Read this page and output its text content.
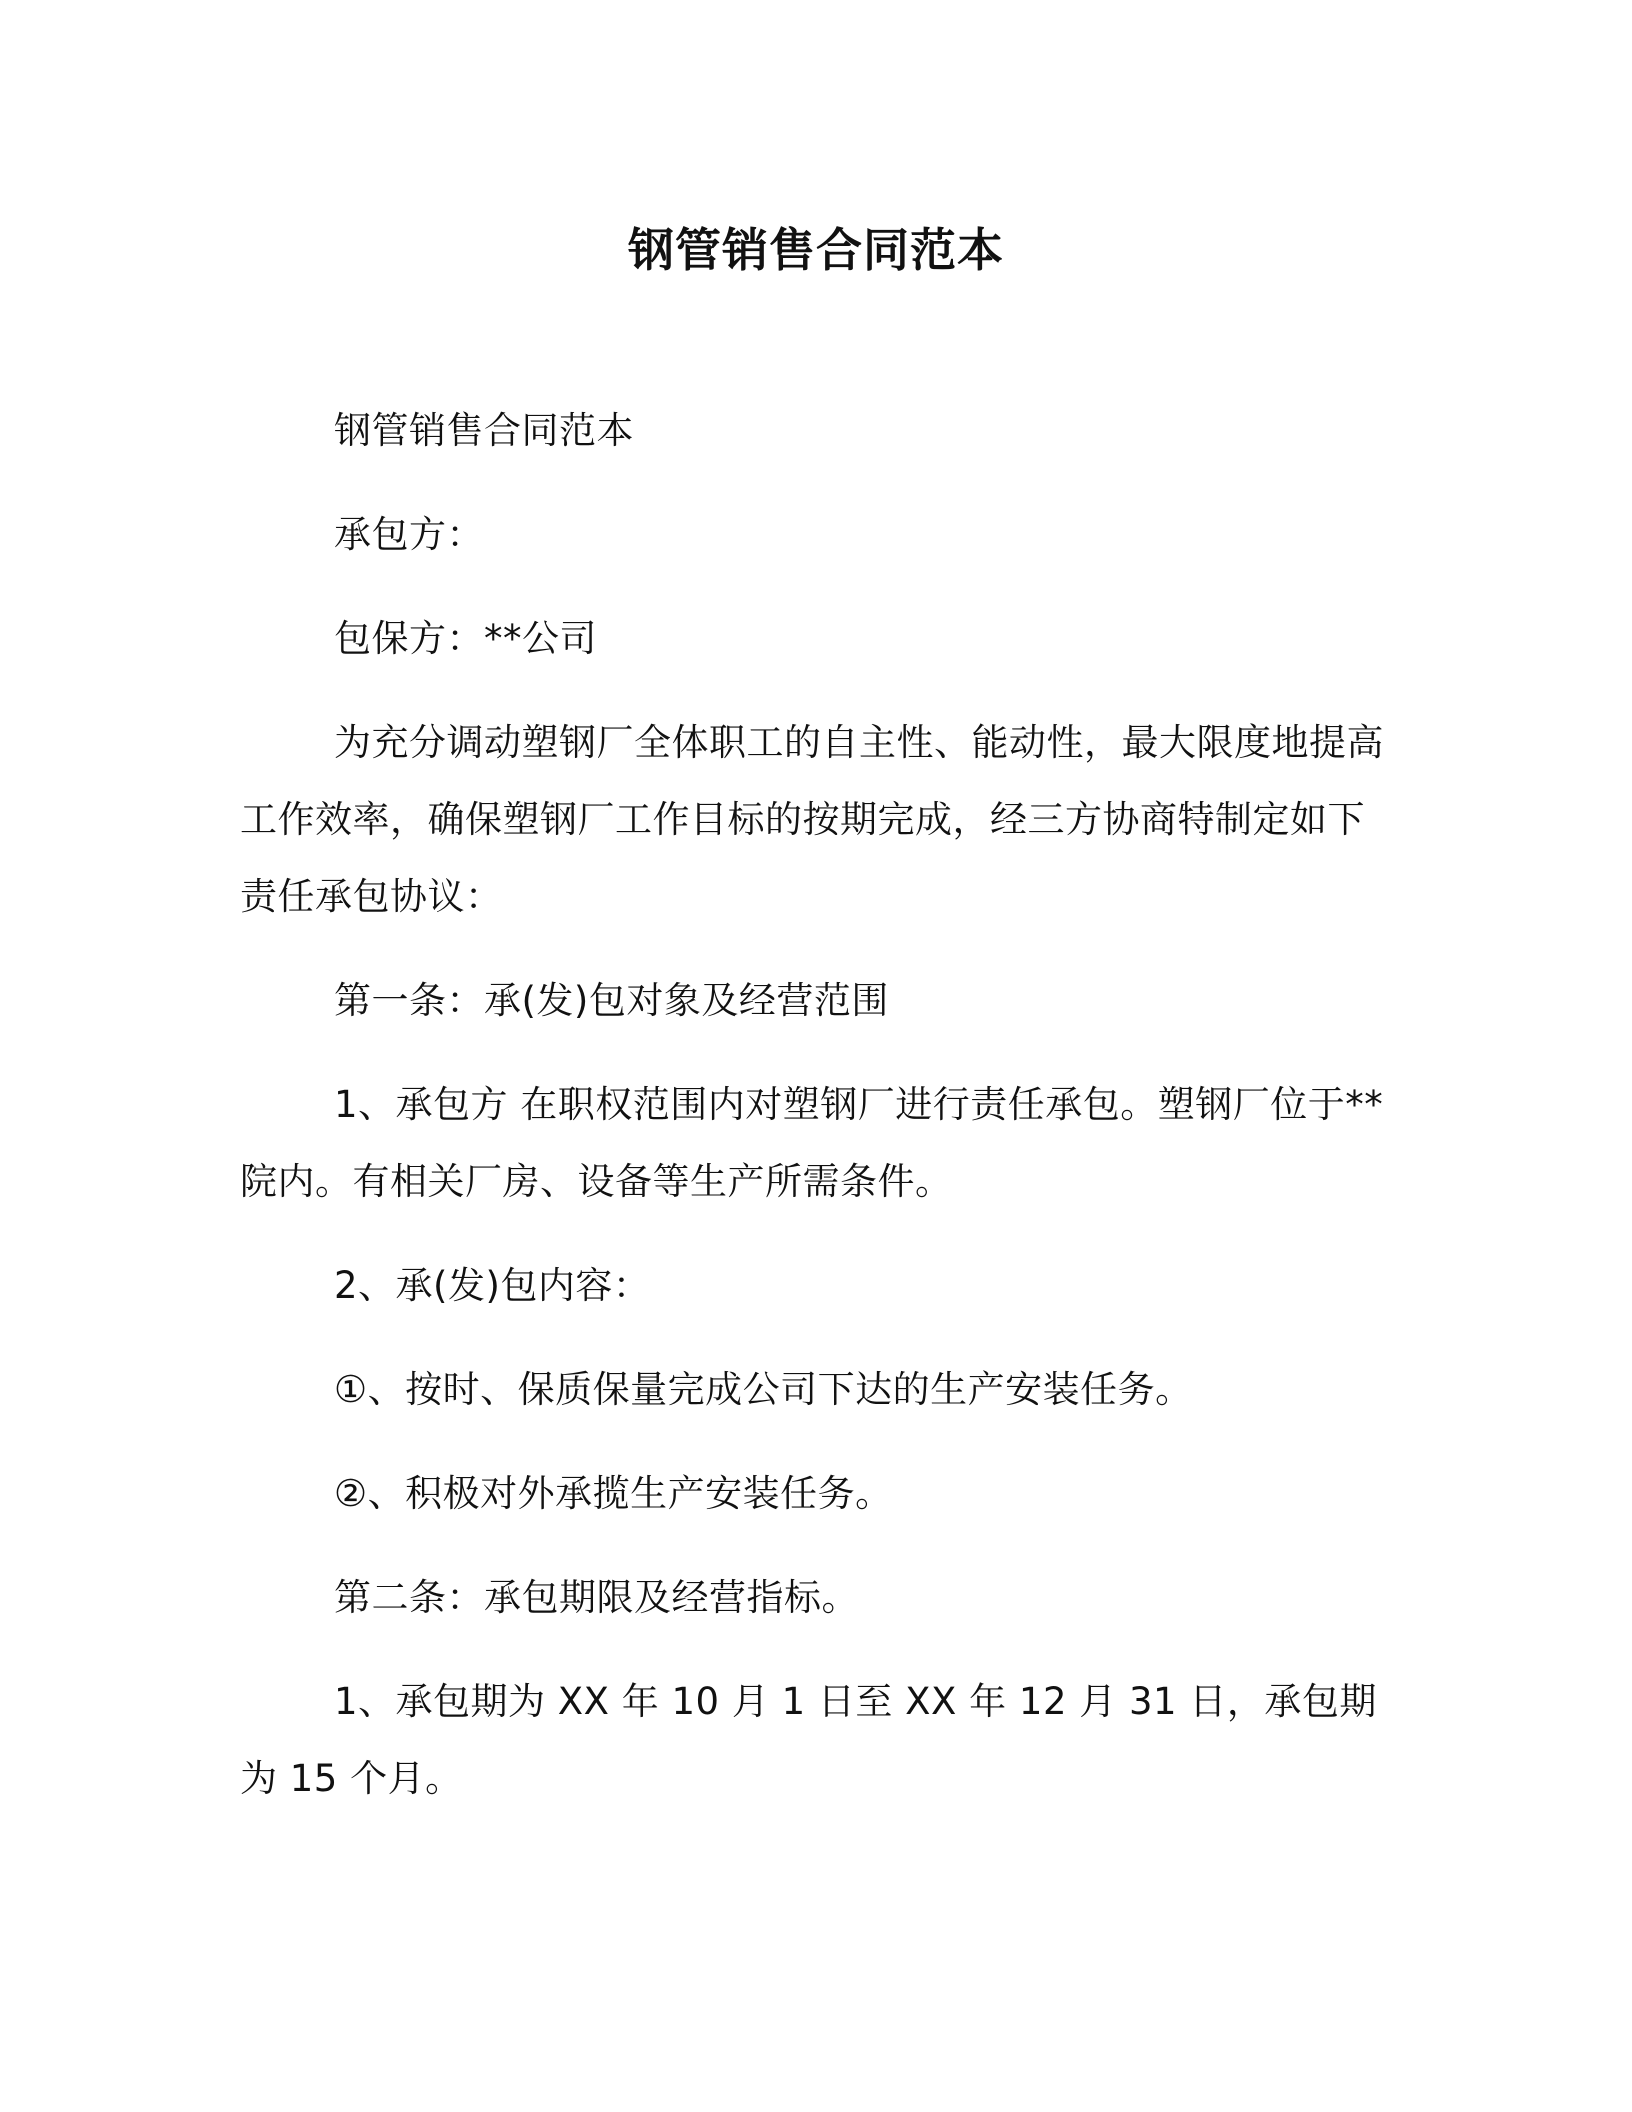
钢管销售合同范本

钢管销售合同范本

承包方：

包保方：**公司

为充分调动塑钢厂全体职工的自主性、能动性，最大限度地提高工作效率，确保塑钢厂工作目标的按期完成，经三方协商特制定如下责任承包协议：

第一条：承(发)包对象及经营范围

1、承包方 在职权范围内对塑钢厂进行责任承包。塑钢厂位于**院内。有相关厂房、设备等生产所需条件。

2、承(发)包内容：

①、按时、保质保量完成公司下达的生产安装任务。

②、积极对外承揽生产安装任务。

第二条：承包期限及经营指标。

1、承包期为 XX 年 10 月 1 日至 XX 年 12 月 31 日，承包期为 15 个月。
